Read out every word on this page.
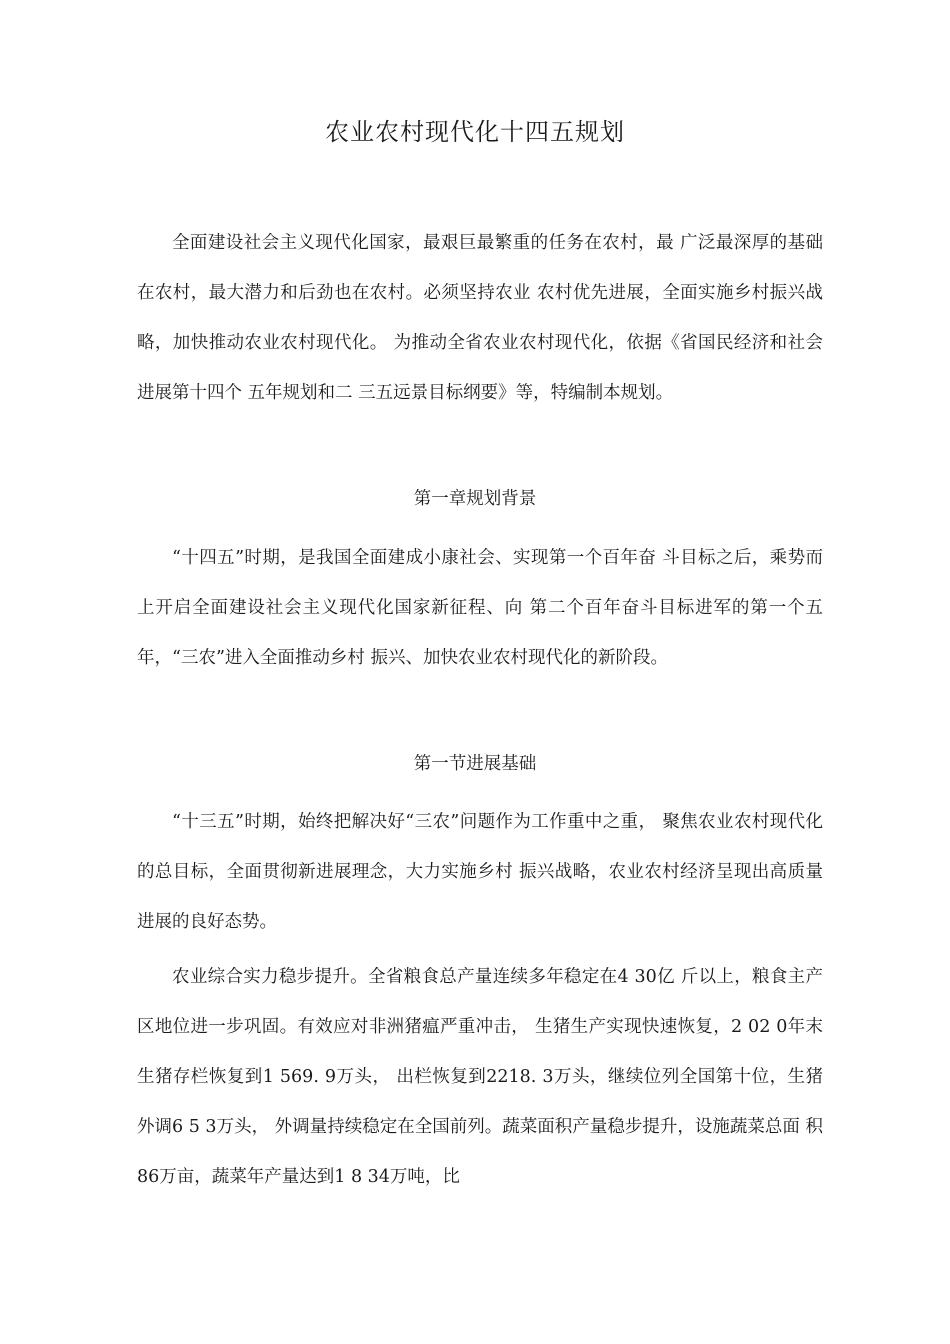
农业农村现代化十四五规划

全面建设社会主义现代化国家，最艰巨最繁重的任务在农村，最 广泛最深厚的基础在农村，最大潜力和后劲也在农村。必须坚持农业 农村优先进展，全面实施乡村振兴战略，加快推动农业农村现代化。 为推动全省农业农村现代化，依据《省国民经济和社会进展第十四个 五年规划和二 三五远景目标纲要》等，特编制本规划。

第一章规划背景

“十四五”时期，是我国全面建成小康社会、实现第一个百年奋 斗目标之后，乘势而上开启全面建设社会主义现代化国家新征程、向 第二个百年奋斗目标进军的第一个五年，“三农”进入全面推动乡村 振兴、加快农业农村现代化的新阶段。

第一节进展基础

“十三五”时期，始终把解决好“三农”问题作为工作重中之重， 聚焦农业农村现代化的总目标，全面贯彻新进展理念，大力实施乡村 振兴战略，农业农村经济呈现出高质量进展的良好态势。

农业综合实力稳步提升。全省粮食总产量连续多年稳定在4 30亿 斤以上，粮食主产区地位进一步巩固。有效应对非洲猪瘟严重冲击， 生猪生产实现快速恢复，2 02 0年末生猪存栏恢复到1 569. 9万头， 出栏恢复到2218. 3万头，继续位列全国第十位，生猪外调6 5 3万头， 外调量持续稳定在全国前列。蔬菜面积产量稳步提升，设施蔬菜总面 积86万亩，蔬菜年产量达到1 8 34万吨，比
